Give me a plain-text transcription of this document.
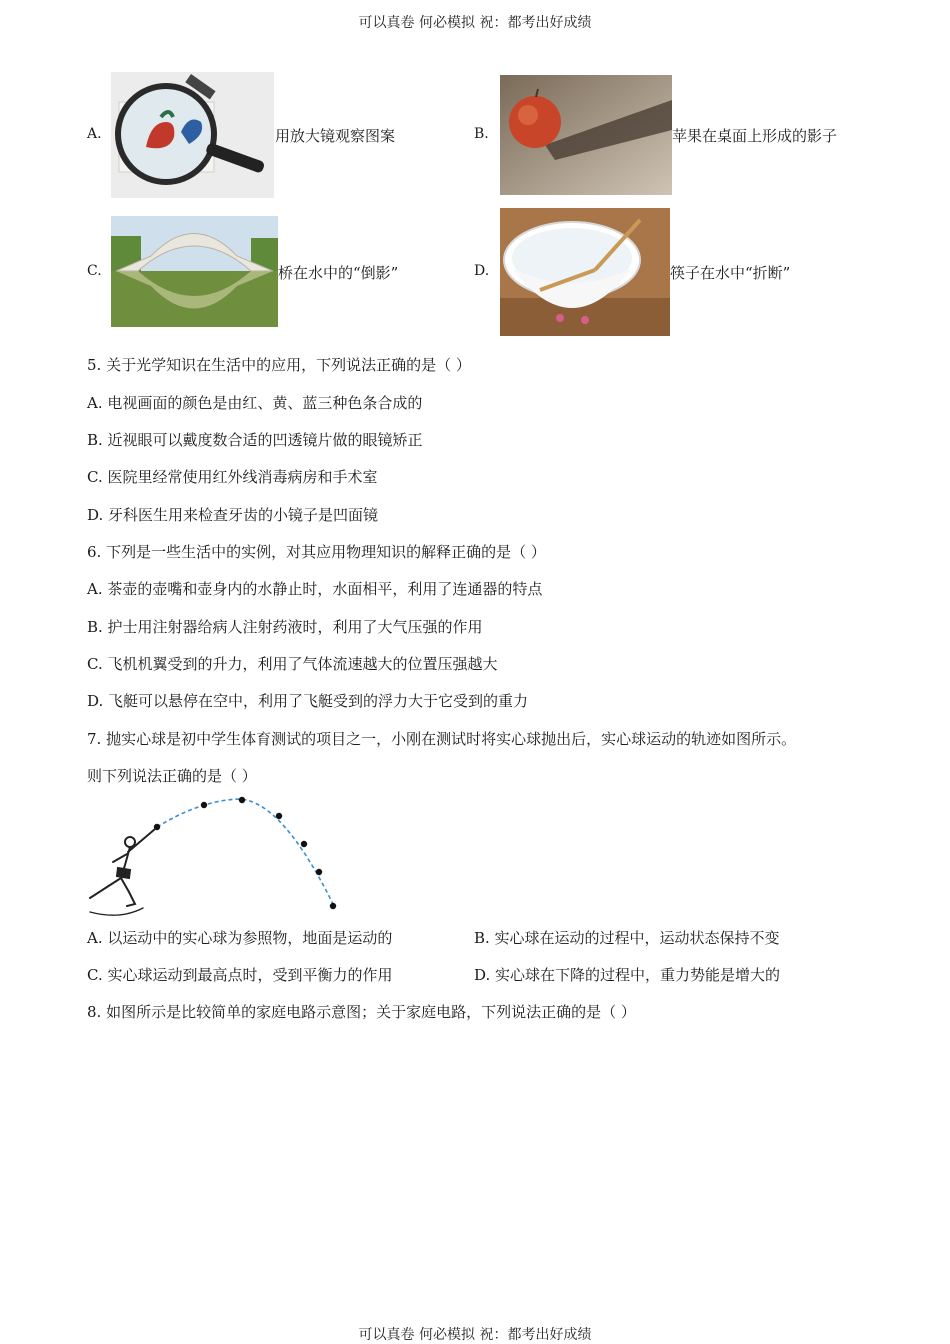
可以真卷 何必模拟 祝：都考出好成绩
A.	用放大镜观察图案	B.	苹果在桌面上形成的影子
C.	桥在水中的“倒影”	D.	筷子在水中“折断”
5. 关于光学知识在生活中的应用，下列说法正确的是（ ）
A. 电视画面的颜色是由红、黄、蓝三种色条合成的
B. 近视眼可以戴度数合适的凹透镜片做的眼镜矫正
C. 医院里经常使用红外线消毒病房和手术室
D. 牙科医生用来检查牙齿的小镜子是凹面镜
6. 下列是一些生活中的实例，对其应用物理知识的解释正确的是（ ）
A. 茶壶的壶嘴和壶身内的水静止时，水面相平，利用了连通器的特点
B. 护士用注射器给病人注射药液时，利用了大气压强的作用
C. 飞机机翼受到的升力，利用了气体流速越大的位置压强越大
D. 飞艇可以悬停在空中，利用了飞艇受到的浮力大于它受到的重力
7. 抛实心球是初中学生体育测试的项目之一，小刚在测试时将实心球抛出后，实心球运动的轨迹如图所示。
则下列说法正确的是（ ）
A. 以运动中的实心球为参照物，地面是运动的	B. 实心球在运动的过程中，运动状态保持不变
C. 实心球运动到最高点时，受到平衡力的作用	D. 实心球在下降的过程中，重力势能是增大的
8. 如图所示是比较简单的家庭电路示意图；关于家庭电路，下列说法正确的是（ ）
可以真卷 何必模拟 祝：都考出好成绩
